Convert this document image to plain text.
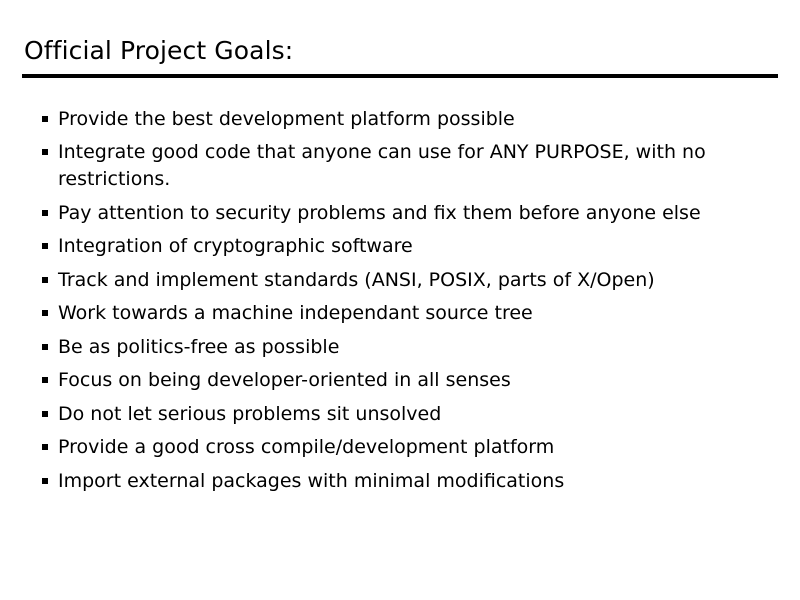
Official Project Goals:
Provide the best development platform possible
Integrate good code that anyone can use for ANY PURPOSE, with no restrictions.
Pay attention to security problems and fix them before anyone else
Integration of cryptographic software
Track and implement standards (ANSI, POSIX, parts of X/Open)
Work towards a machine independant source tree
Be as politics-free as possible
Focus on being developer-oriented in all senses
Do not let serious problems sit unsolved
Provide a good cross compile/development platform
Import external packages with minimal modifications
